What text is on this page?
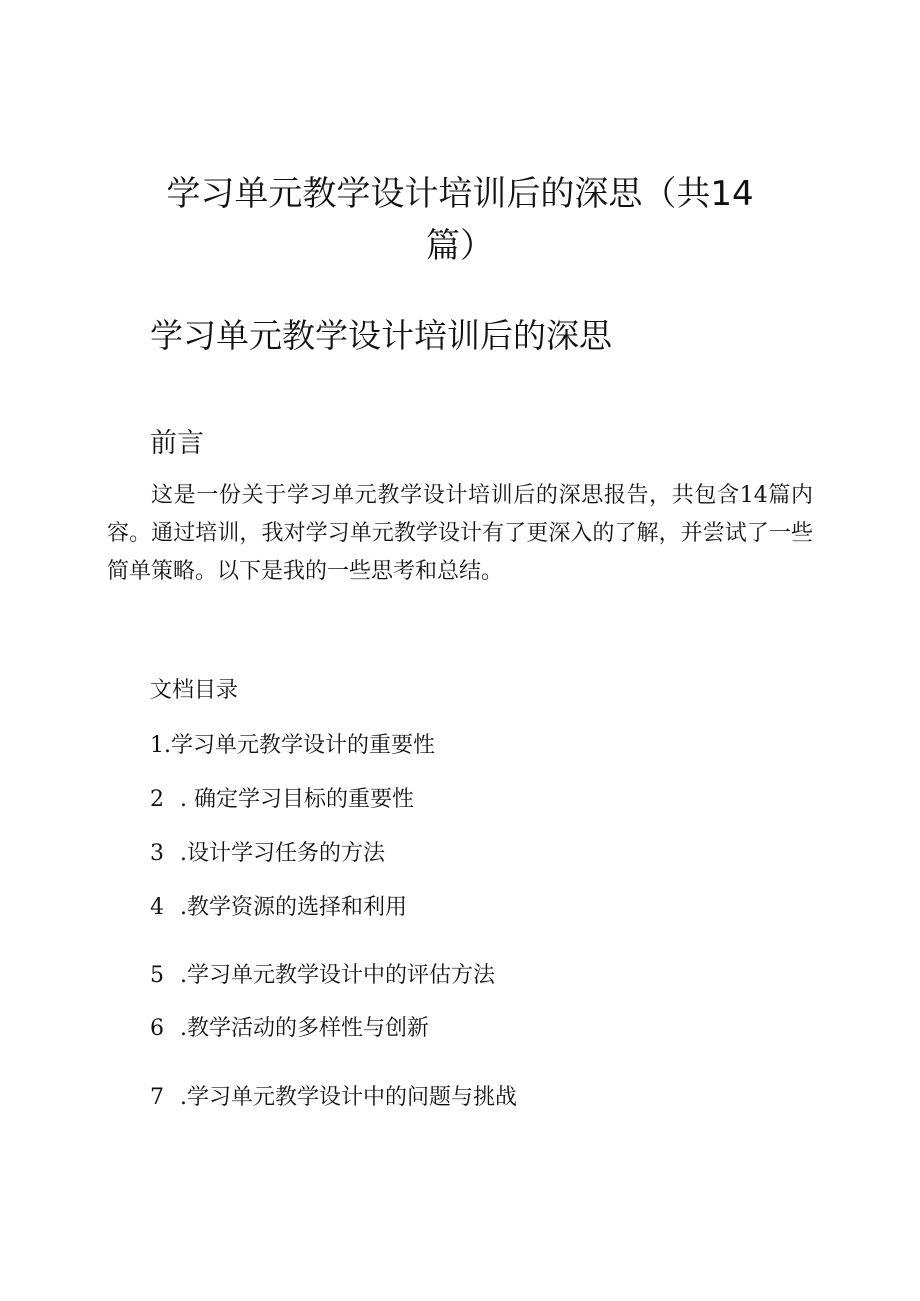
学习单元教学设计培训后的深思（共14
篇）
学习单元教学设计培训后的深思
前言

这是一份关于学习单元教学设计培训后的深思报告，共包含14篇内容。通过培训，我对学习单元教学设计有了更深入的了解，并尝试了一些简单策略。以下是我的一些思考和总结。

文档目录
1.学习单元教学设计的重要性
2 . 确定学习目标的重要性
3 .设计学习任务的方法
4 .教学资源的选择和利用
5 .学习单元教学设计中的评估方法
6 .教学活动的多样性与创新
7 .学习单元教学设计中的问题与挑战
